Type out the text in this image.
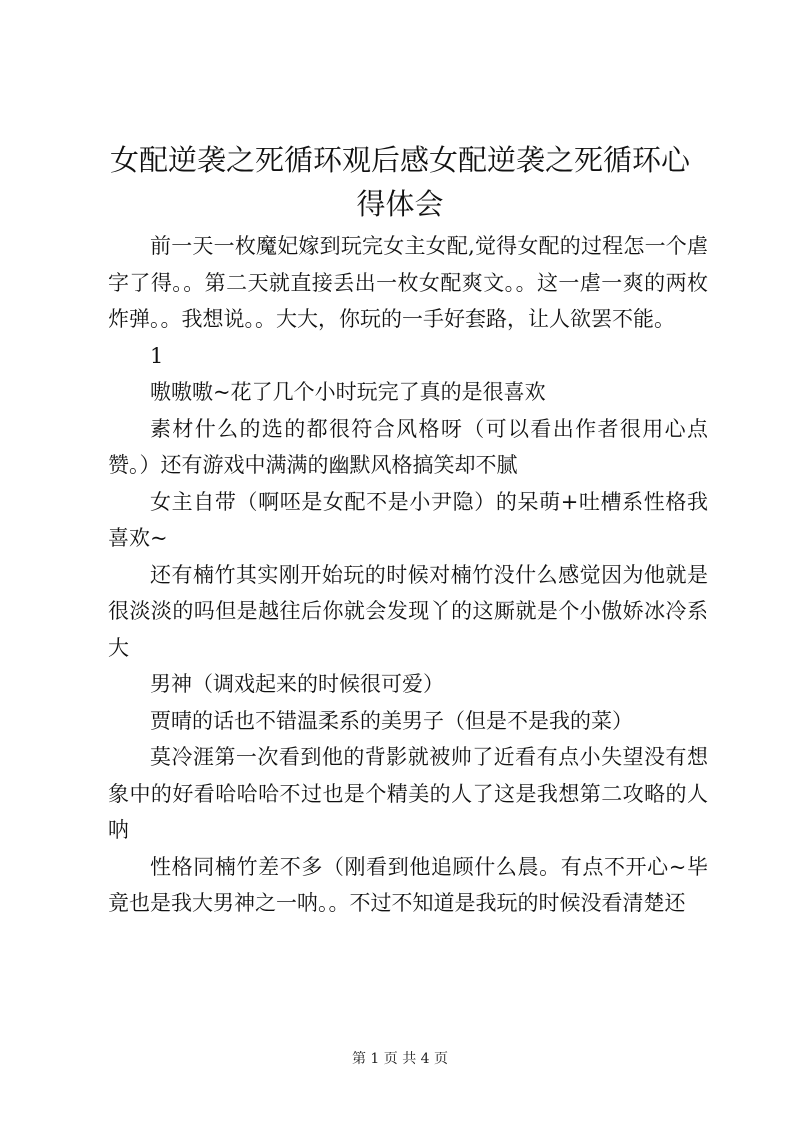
女配逆袭之死循环观后感女配逆袭之死循环心得体会

前一天一枚魔妃嫁到玩完女主女配,觉得女配的过程怎一个虐字了得。。第二天就直接丢出一枚女配爽文。。这一虐一爽的两枚炸弹。。我想说。。大大，你玩的一手好套路，让人欲罢不能。

1

嗷嗷嗷~花了几个小时玩完了真的是很喜欢

素材什么的选的都很符合风格呀（可以看出作者很用心点赞。）还有游戏中满满的幽默风格搞笑却不腻

女主自带（啊呸是女配不是小尹隐）的呆萌+吐槽系性格我喜欢~

还有楠竹其实刚开始玩的时候对楠竹没什么感觉因为他就是很淡淡的吗但是越往后你就会发现丫的这厮就是个小傲娇冰冷系大

男神（调戏起来的时候很可爱）

贾晴的话也不错温柔系的美男子（但是不是我的菜）

莫冷涯第一次看到他的背影就被帅了近看有点小失望没有想象中的好看哈哈哈不过也是个精美的人了这是我想第二攻略的人呐

性格同楠竹差不多（刚看到他追顾什么晨。有点不开心~毕竟也是我大男神之一呐。。不过不知道是我玩的时候没看清楚还

第 1 页 共 4 页
